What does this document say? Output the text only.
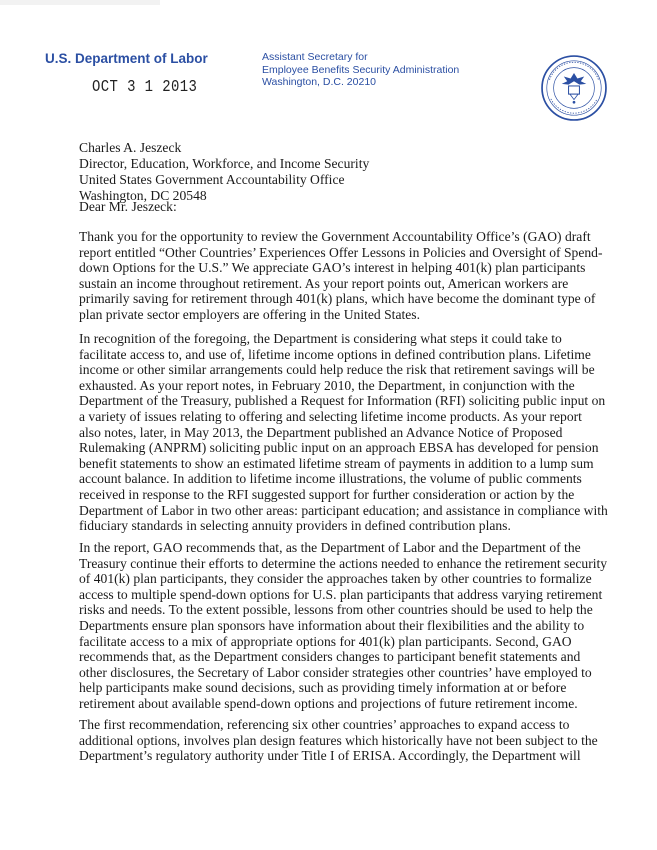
U.S. Department of Labor	Assistant Secretary for
Employee Benefits Security Administration
Washington, D.C. 20210
OCT 3 1 2013
Charles A. Jeszeck
Director, Education, Workforce, and Income Security
United States Government Accountability Office
Washington, DC 20548
Dear Mr. Jeszeck:
Thank you for the opportunity to review the Government Accountability Office’s (GAO) draft
report entitled “Other Countries’ Experiences Offer Lessons in Policies and Oversight of Spend-
down Options for the U.S.” We appreciate GAO’s interest in helping 401(k) plan participants
sustain an income throughout retirement. As your report points out, American workers are
primarily saving for retirement through 401(k) plans, which have become the dominant type of
plan private sector employers are offering in the United States.
In recognition of the foregoing, the Department is considering what steps it could take to
facilitate access to, and use of, lifetime income options in defined contribution plans. Lifetime
income or other similar arrangements could help reduce the risk that retirement savings will be
exhausted. As your report notes, in February 2010, the Department, in conjunction with the
Department of the Treasury, published a Request for Information (RFI) soliciting public input on
a variety of issues relating to offering and selecting lifetime income products. As your report
also notes, later, in May 2013, the Department published an Advance Notice of Proposed
Rulemaking (ANPRM) soliciting public input on an approach EBSA has developed for pension
benefit statements to show an estimated lifetime stream of payments in addition to a lump sum
account balance. In addition to lifetime income illustrations, the volume of public comments
received in response to the RFI suggested support for further consideration or action by the
Department of Labor in two other areas: participant education; and assistance in compliance with
fiduciary standards in selecting annuity providers in defined contribution plans.
In the report, GAO recommends that, as the Department of Labor and the Department of the
Treasury continue their efforts to determine the actions needed to enhance the retirement security
of 401(k) plan participants, they consider the approaches taken by other countries to formalize
access to multiple spend-down options for U.S. plan participants that address varying retirement
risks and needs. To the extent possible, lessons from other countries should be used to help the
Departments ensure plan sponsors have information about their flexibilities and the ability to
facilitate access to a mix of appropriate options for 401(k) plan participants. Second, GAO
recommends that, as the Department considers changes to participant benefit statements and
other disclosures, the Secretary of Labor consider strategies other countries’ have employed to
help participants make sound decisions, such as providing timely information at or before
retirement about available spend-down options and projections of future retirement income.
The first recommendation, referencing six other countries’ approaches to expand access to
additional options, involves plan design features which historically have not been subject to the
Department’s regulatory authority under Title I of ERISA. Accordingly, the Department will
